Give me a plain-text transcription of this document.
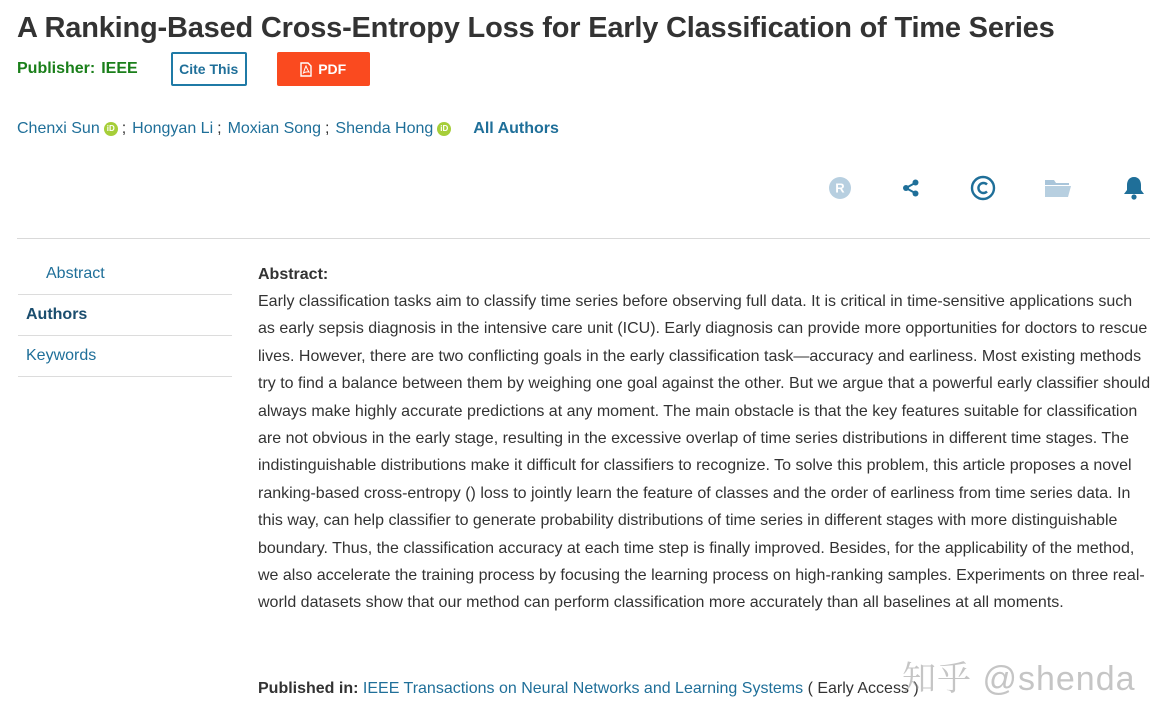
A Ranking-Based Cross-Entropy Loss for Early Classification of Time Series
Publisher: IEEE	Cite This	PDF
Chenxi Sun iD ; Hongyan Li ; Moxian Song ; Shenda Hong iD All Authors
R
Abstract
Authors
Keywords
Abstract:

Early classification tasks aim to classify time series before observing full data. It is critical in time-sensitive applications such as early sepsis diagnosis in the intensive care unit (ICU). Early diagnosis can provide more opportunities for doctors to rescue lives. However, there are two conflicting goals in the early classification task—accuracy and earliness. Most existing methods try to find a balance between them by weighing one goal against the other. But we argue that a powerful early classifier should always make highly accurate predictions at any moment. The main obstacle is that the key features suitable for classification are not obvious in the early stage, resulting in the excessive overlap of time series distributions in different time stages. The indistinguishable distributions make it difficult for classifiers to recognize. To solve this problem, this article proposes a novel ranking-based cross-entropy () loss to jointly learn the feature of classes and the order of earliness from time series data. In this way, can help classifier to generate probability distributions of time series in different stages with more distinguishable boundary. Thus, the classification accuracy at each time step is finally improved. Besides, for the applicability of the method, we also accelerate the training process by focusing the learning process on high-ranking samples. Experiments on three real-world datasets show that our method can perform classification more accurately than all baselines at all moments.

Published in: IEEE Transactions on Neural Networks and Learning Systems ( Early Access )
知乎 @shenda
